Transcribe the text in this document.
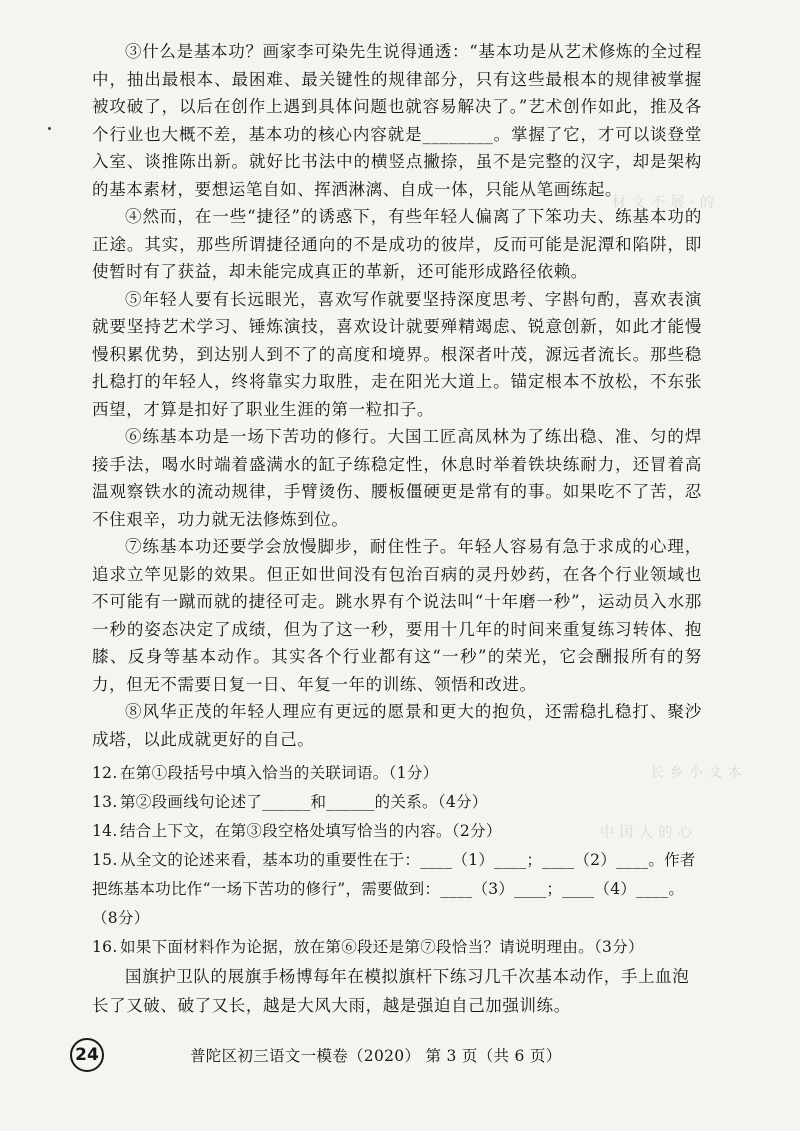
材 文 不 展 · 的
长 乡 小 文 本
中 国 人 的 心

③什么是基本功？画家李可染先生说得通透：“基本功是从艺术修炼的全过程中，抽出最根本、最困难、最关键性的规律部分，只有这些最根本的规律被掌握被攻破了，以后在创作上遇到具体问题也就容易解决了。”艺术创作如此，推及各个行业也大概不差，基本功的核心内容就是________。掌握了它，才可以谈登堂入室、谈推陈出新。就好比书法中的横竖点撇捺，虽不是完整的汉字，却是架构的基本素材，要想运笔自如、挥洒淋漓、自成一体，只能从笔画练起。

④然而，在一些“捷径”的诱惑下，有些年轻人偏离了下笨功夫、练基本功的正途。其实，那些所谓捷径通向的不是成功的彼岸，反而可能是泥潭和陷阱，即使暂时有了获益，却未能完成真正的革新，还可能形成路径依赖。

⑤年轻人要有长远眼光，喜欢写作就要坚持深度思考、字斟句酌，喜欢表演就要坚持艺术学习、锤炼演技，喜欢设计就要殚精竭虑、锐意创新，如此才能慢慢积累优势，到达别人到不了的高度和境界。根深者叶茂，源远者流长。那些稳扎稳打的年轻人，终将靠实力取胜，走在阳光大道上。锚定根本不放松，不东张西望，才算是扣好了职业生涯的第一粒扣子。

⑥练基本功是一场下苦功的修行。大国工匠高凤林为了练出稳、准、匀的焊接手法，喝水时端着盛满水的缸子练稳定性，休息时举着铁块练耐力，还冒着高温观察铁水的流动规律，手臂烫伤、腰板僵硬更是常有的事。如果吃不了苦，忍不住艰辛，功力就无法修炼到位。

⑦练基本功还要学会放慢脚步，耐住性子。年轻人容易有急于求成的心理，追求立竿见影的效果。但正如世间没有包治百病的灵丹妙药，在各个行业领域也不可能有一蹴而就的捷径可走。跳水界有个说法叫“十年磨一秒”，运动员入水那一秒的姿态决定了成绩，但为了这一秒，要用十几年的时间来重复练习转体、抱膝、反身等基本动作。其实各个行业都有这“一秒”的荣光，它会酬报所有的努力，但无不需要日复一日、年复一年的训练、领悟和改进。

⑧风华正茂的年轻人理应有更远的愿景和更大的抱负，还需稳扎稳打、聚沙成塔，以此成就更好的自己。

12. 在第①段括号中填入恰当的关联词语。（1分）

13. 第②段画线句论述了______和______的关系。（4分）

14. 结合上下文，在第③段空格处填写恰当的内容。（2分）

15. 从全文的论述来看，基本功的重要性在于：____（1）____；____（2）____。作者把练基本功比作“一场下苦功的修行”，需要做到：____（3）____；____（4）____。（8分）

16. 如果下面材料作为论据，放在第⑥段还是第⑦段恰当？请说明理由。（3分）

国旗护卫队的展旗手杨博每年在模拟旗杆下练习几千次基本动作，手上血泡长了又破、破了又长，越是大风大雨，越是强迫自己加强训练。

24	普陀区初三语文一模卷（2020） 第 3 页（共 6 页）
